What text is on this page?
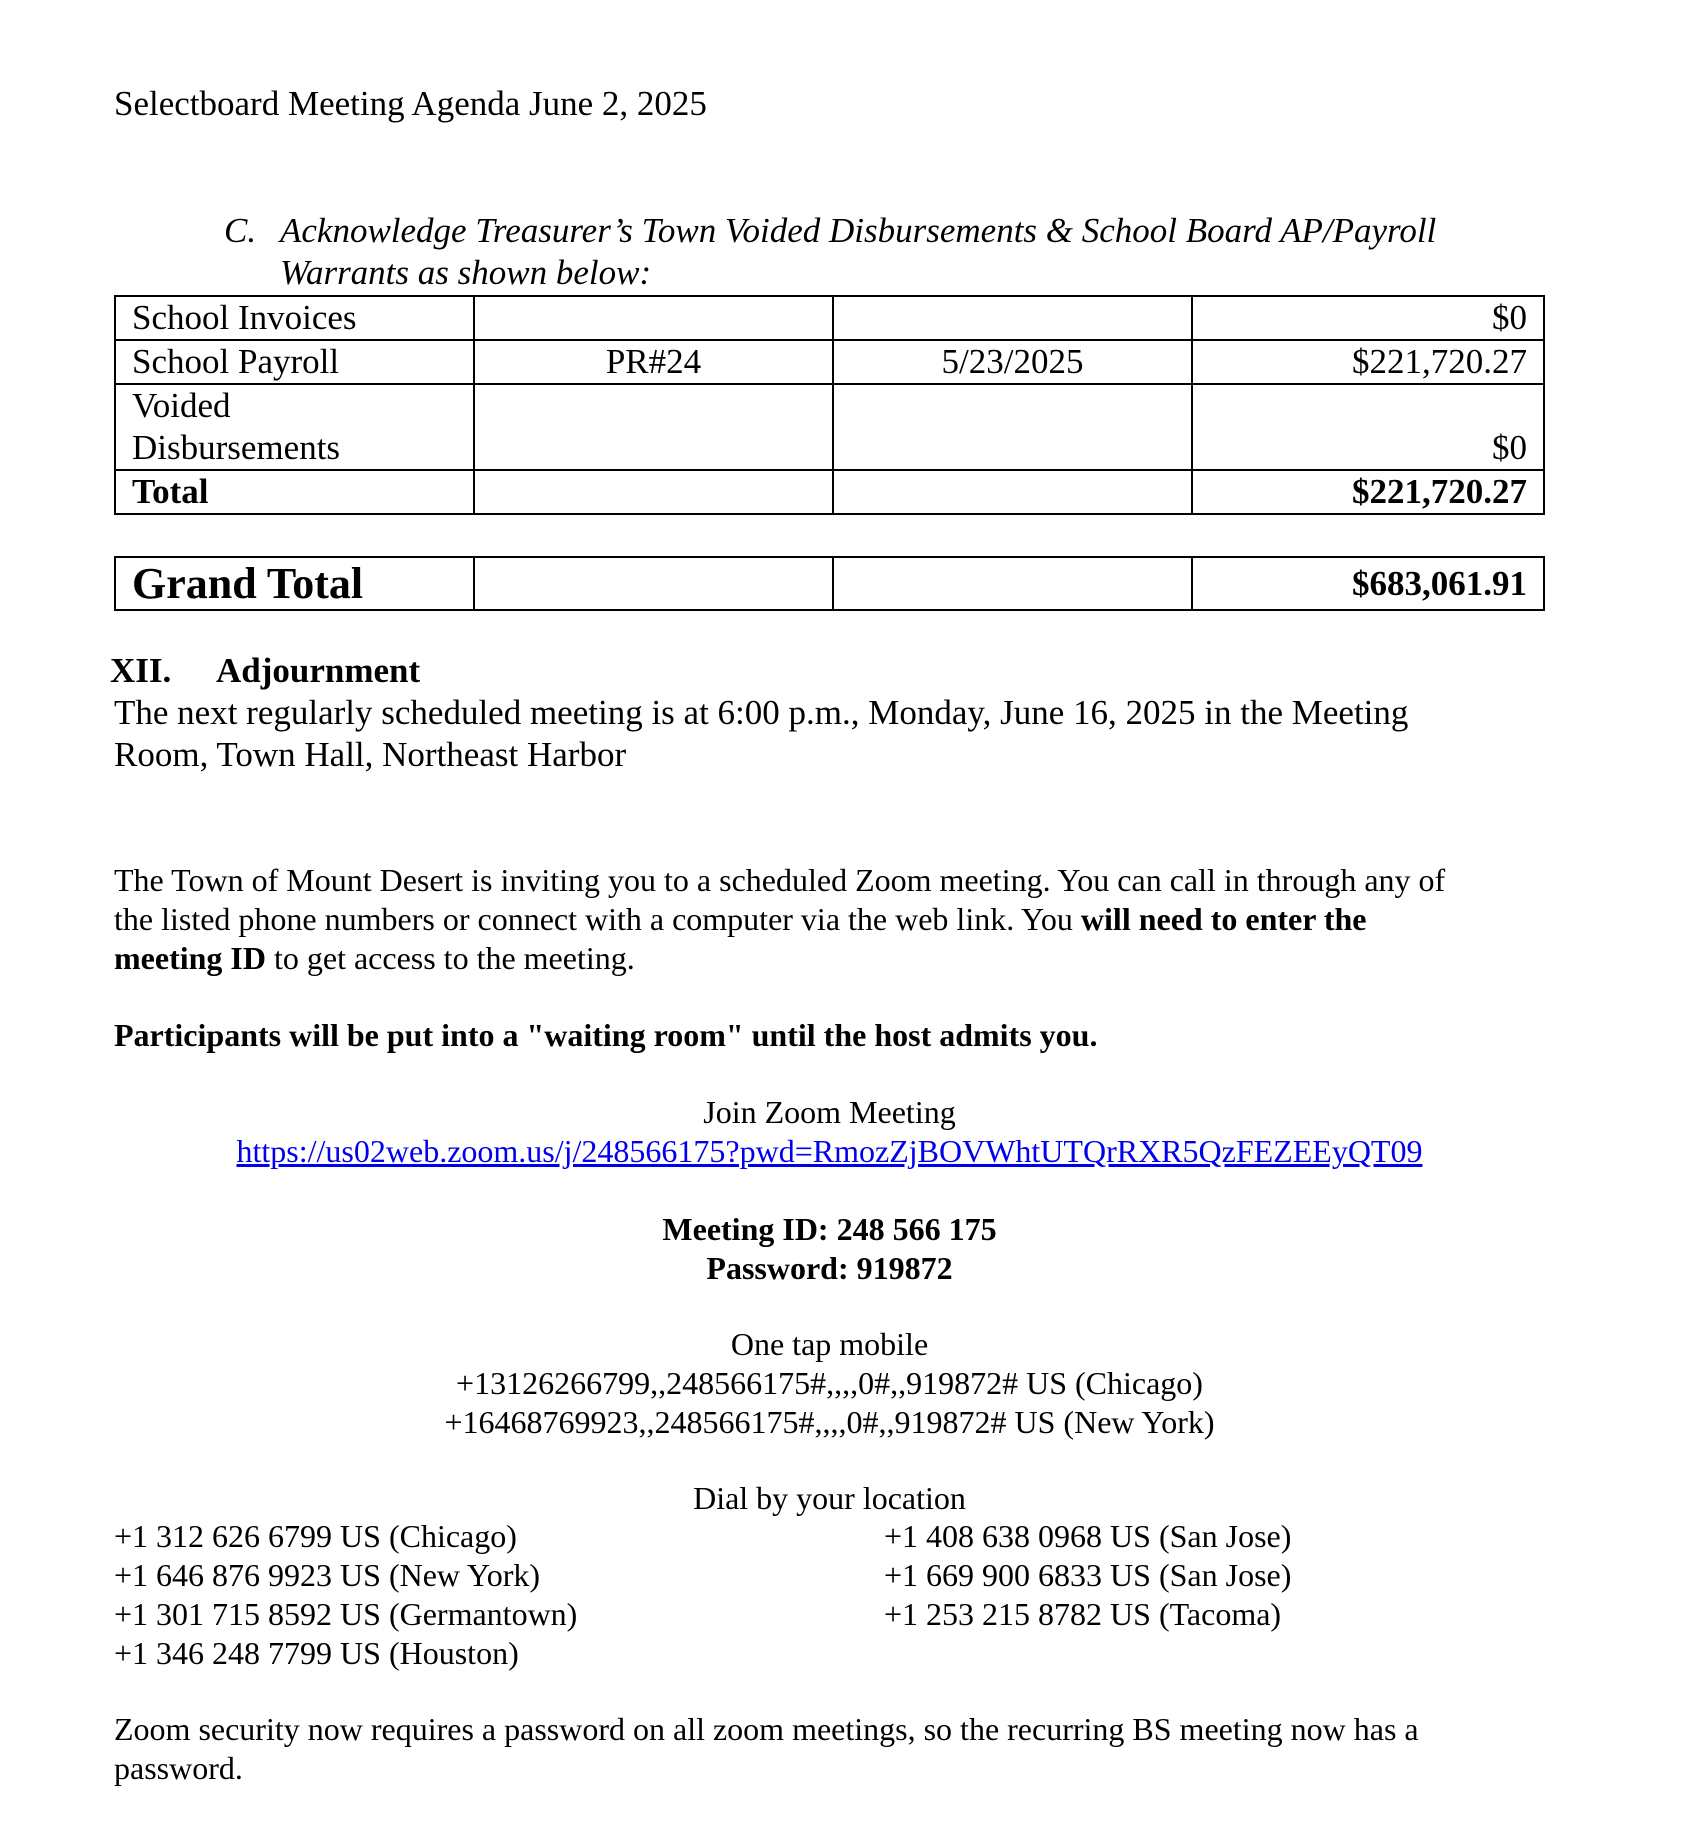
Selectboard Meeting Agenda June 2, 2025
C. Acknowledge Treasurer’s Town Voided Disbursements & School Board AP/Payroll
Warrants as shown below:
School Invoices			$0
School Payroll	PR#24	5/23/2025	$221,720.27

Voided
Disbursements			$0
Total			$221,720.27
Grand Total			$683,061.91
XII. Adjournment
The next regularly scheduled meeting is at 6:00 p.m., Monday, June 16, 2025 in the Meeting
Room, Town Hall, Northeast Harbor
The Town of Mount Desert is inviting you to a scheduled Zoom meeting. You can call in through any of
the listed phone numbers or connect with a computer via the web link. You will need to enter the
meeting ID to get access to the meeting.
Participants will be put into a "waiting room" until the host admits you.
Join Zoom Meeting
https://us02web.zoom.us/j/248566175?pwd=RmozZjBOVWhtUTQrRXR5QzFEZEEyQT09
Meeting ID: 248 566 175
Password: 919872
One tap mobile
+13126266799,,248566175#,,,,0#,,919872# US (Chicago)
+16468769923,,248566175#,,,,0#,,919872# US (New York)
Dial by your location
+1 312 626 6799 US (Chicago)
+1 646 876 9923 US (New York)
+1 301 715 8592 US (Germantown)
+1 346 248 7799 US (Houston)
+1 408 638 0968 US (San Jose)
+1 669 900 6833 US (San Jose)
+1 253 215 8782 US (Tacoma)
Zoom security now requires a password on all zoom meetings, so the recurring BS meeting now has a
password.
